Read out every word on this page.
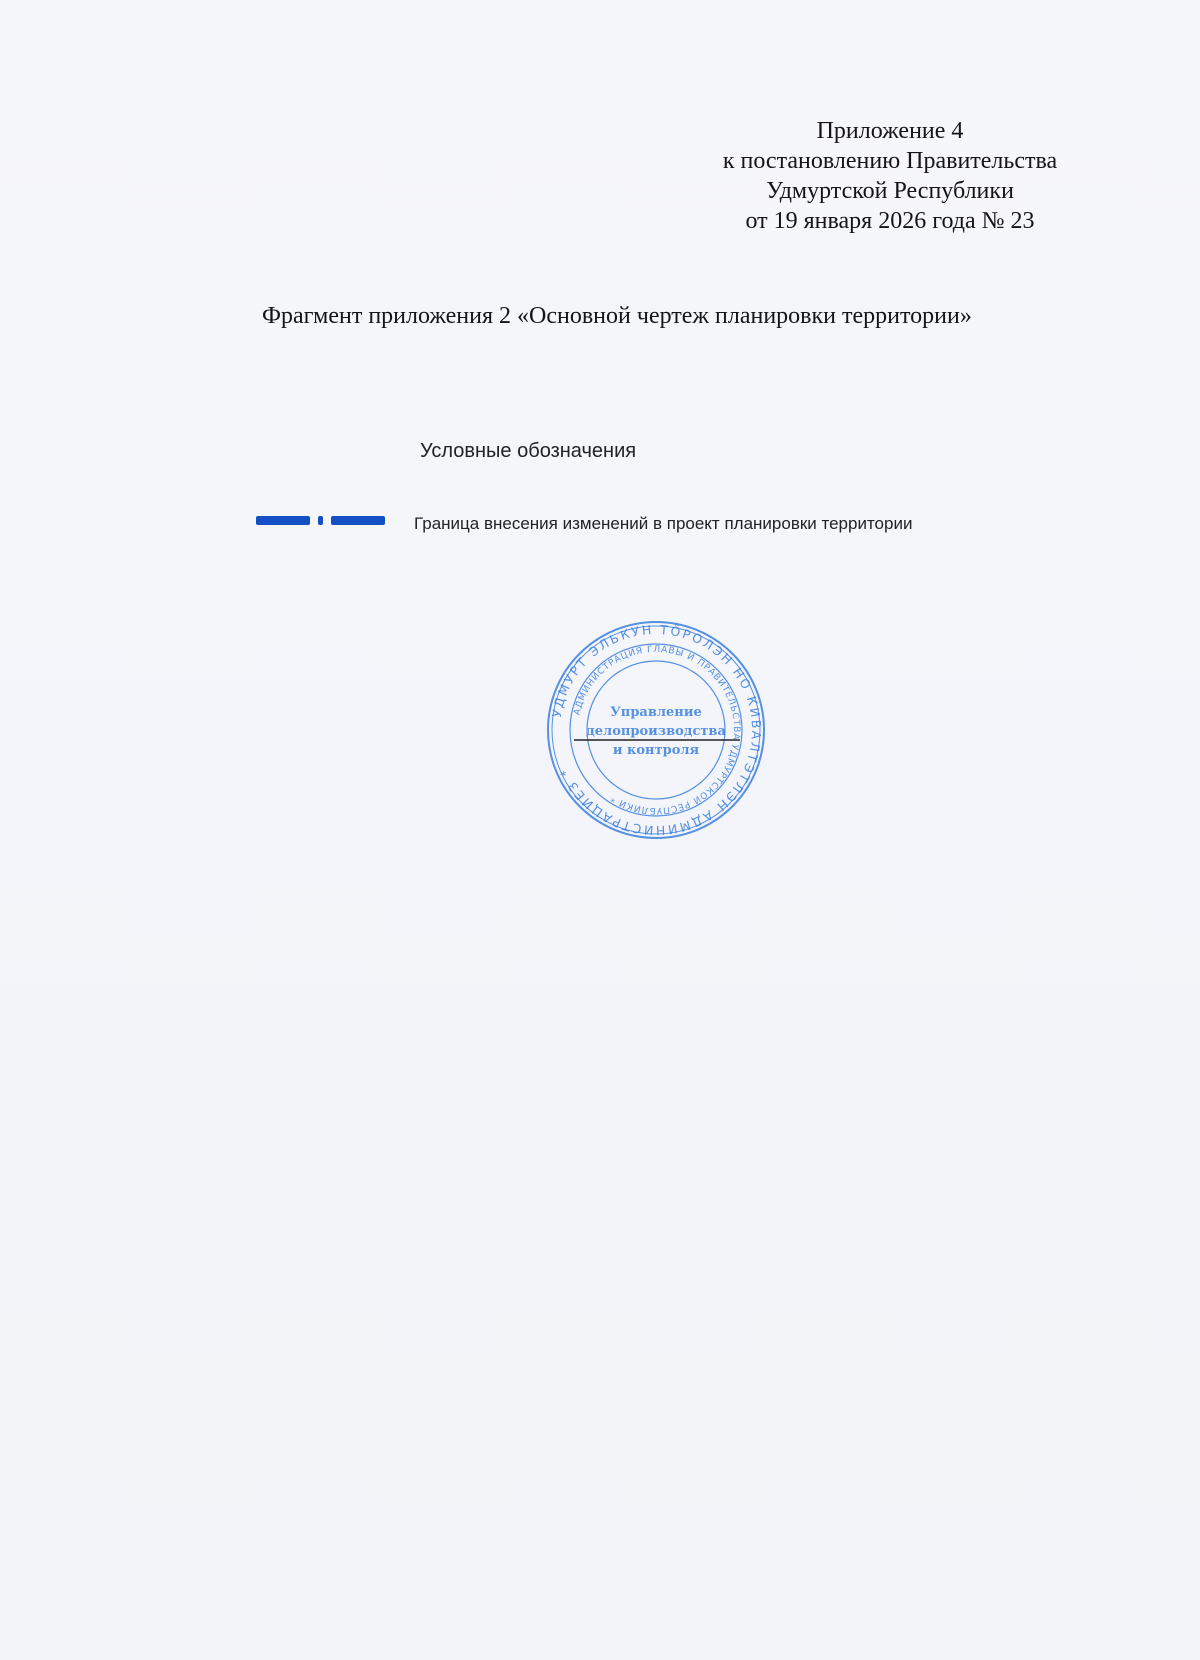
Приложение 4
к постановлению Правительства
Удмуртской Республики
от 19 января 2026 года № 23
Фрагмент приложения 2 «Основной чертеж планировки территории»
Условные обозначения
Границa внесения изменений в проект планировки территории
УДМУРТ ЭЛЬКУН ТӦРОЛЭН НО КИВАЛТЭТЛЭН АДМИНИСТРАЦИЕЗ *
АДМИНИСТРАЦИЯ ГЛАВЫ И ПРАВИТЕЛЬСТВА УДМУРТСКОЙ РЕСПУБЛИКИ *
Управление
делопроизводства
и контроля
